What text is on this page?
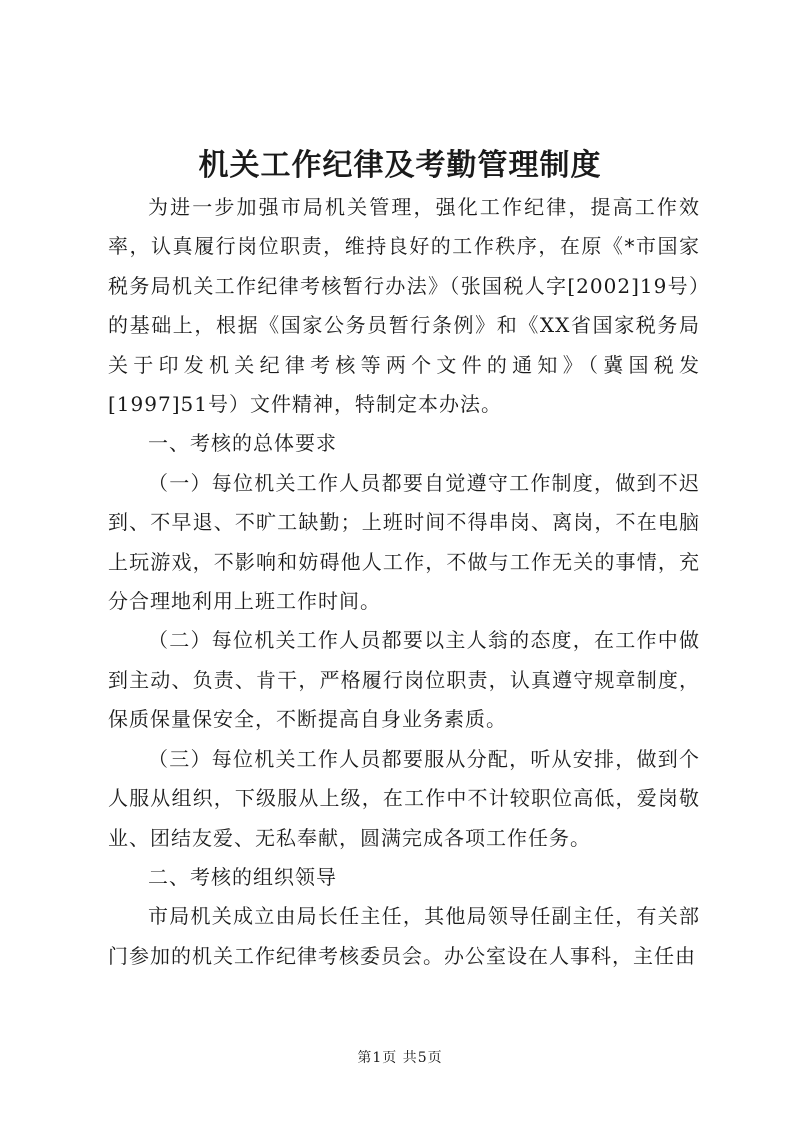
机关工作纪律及考勤管理制度

为进一步加强市局机关管理，强化工作纪律，提高工作效率，认真履行岗位职责，维持良好的工作秩序，在原《*市国家税务局机关工作纪律考核暂行办法》（张国税人字[2002]19号）的基础上，根据《国家公务员暂行条例》和《XX省国家税务局关于印发机关纪律考核等两个文件的通知》（冀国税发[1997]51号）文件精神，特制定本办法。

一、考核的总体要求

（一）每位机关工作人员都要自觉遵守工作制度，做到不迟到、不早退、不旷工缺勤；上班时间不得串岗、离岗，不在电脑上玩游戏，不影响和妨碍他人工作，不做与工作无关的事情，充分合理地利用上班工作时间。

（二）每位机关工作人员都要以主人翁的态度，在工作中做到主动、负责、肯干，严格履行岗位职责，认真遵守规章制度，保质保量保安全，不断提高自身业务素质。

（三）每位机关工作人员都要服从分配，听从安排，做到个人服从组织，下级服从上级，在工作中不计较职位高低，爱岗敬业、团结友爱、无私奉献，圆满完成各项工作任务。

二、考核的组织领导

市局机关成立由局长任主任，其他局领导任副主任，有关部门参加的机关工作纪律考核委员会。办公室设在人事科，主任由

第1页 共5页
